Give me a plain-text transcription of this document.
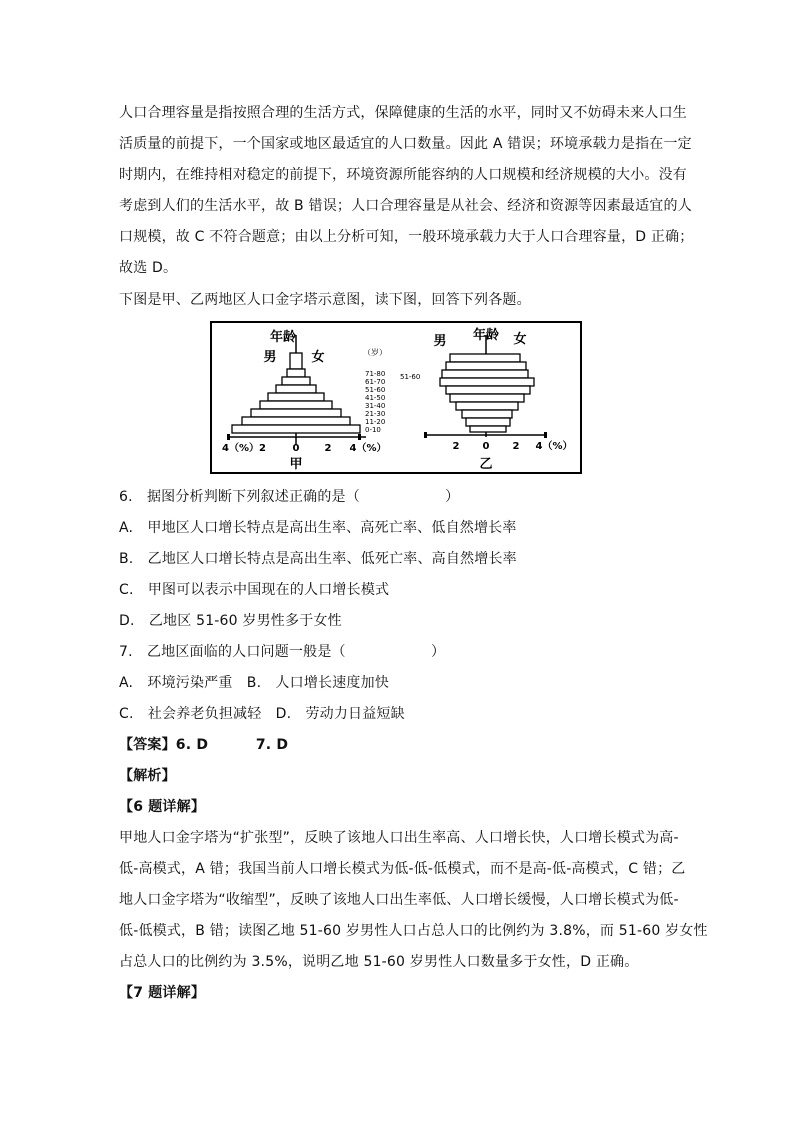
人口合理容量是指按照合理的生活方式，保障健康的生活的水平，同时又不妨碍未来人口生
活质量的前提下，一个国家或地区最适宜的人口数量。因此 A 错误；环境承载力是指在一定
时期内，在维持相对稳定的前提下，环境资源所能容纳的人口规模和经济规模的大小。没有
考虑到人们的生活水平，故 B 错误；人口合理容量是从社会、经济和资源等因素最适宜的人
口规模，故 C 不符合题意；由以上分析可知，一般环境承载力大于人口合理容量，D 正确；
故选 D。
下图是甲、乙两地区人口金字塔示意图，读下图，回答下列各题。
年龄
男	女	（岁）
71-80
61-70
51-60
41-50
31-40
21-30
11-20
0-10
4（%）2	0	2 4（%）
甲
年龄
男	女
51-60
2 0 2 4（%）
乙
6.　据图分析判断下列叙述正确的是（　　　　　　）
A.　甲地区人口增长特点是高出生率、高死亡率、低自然增长率
B.　乙地区人口增长特点是高出生率、低死亡率、高自然增长率
C.　甲图可以表示中国现在的人口增长模式
D.　乙地区 51-60 岁男性多于女性
7.　乙地区面临的人口问题一般是（　　　　　　）
A.　环境污染严重　B.　人口增长速度加快
C.　社会养老负担减轻　D.　劳动力日益短缺
【答案】6. D　　　 7. D
【解析】
【6 题详解】
甲地人口金字塔为“扩张型”，反映了该地人口出生率高、人口增长快，人口增长模式为高-
低-高模式，A 错；我国当前人口增长模式为低-低-低模式，而不是高-低-高模式，C 错；乙
地人口金字塔为“收缩型”，反映了该地人口出生率低、人口增长缓慢，人口增长模式为低-
低-低模式，B 错；读图乙地 51-60 岁男性人口占总人口的比例约为 3.8%，而 51-60 岁女性
占总人口的比例约为 3.5%，说明乙地 51-60 岁男性人口数量多于女性，D 正确。
【7 题详解】
